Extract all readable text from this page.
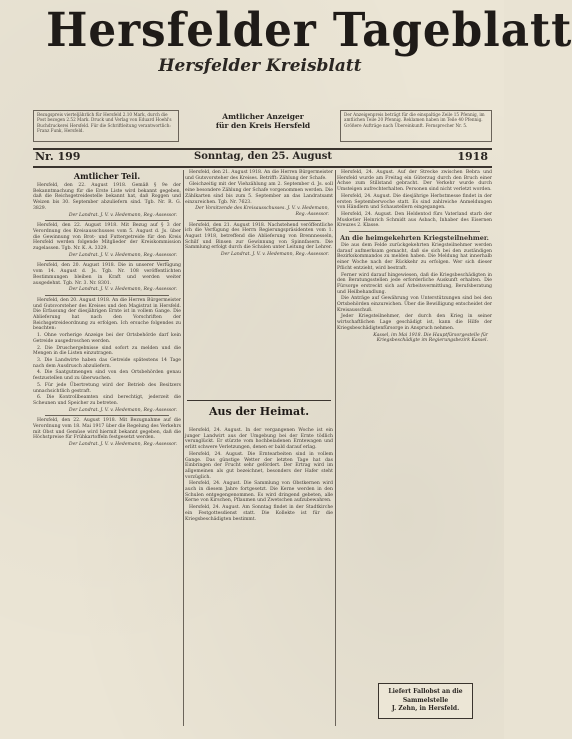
Hersfelder Tageblatt
Hersfelder Kreisblatt
Bezugspreis vierteljährlich für Hersfeld 2.10 Mark, durch die Post bezogen 2.52 Mark. Druck und Verlag von Eduard Hoehl's Buchdruckerei Hersfeld. Für die Schriftleitung verantwortlich: Franz Funk, Hersfeld.
Amtlicher Anzeiger
für den Kreis Hersfeld
Der Anzeigenpreis beträgt für die einspaltige Zeile 15 Pfennig, im amtlichen Teile 20 Pfennig. Reklamen haben im Teile 40 Pfennig. Größere Aufträge nach Übereinkunft. Fernsprecher Nr. 5.
Nr. 199	Sonntag, den 25. August	1918
Amtlicher Teil.

Hersfeld, den 22. August 1918. Gemäß § 9e der Bekanntmachung für die Erste Liste wird bekannt gegeben, daß die Reichsgetreidestelle bekannt hat, daß Roggen und Weizen bis 30. September abzuliefern sind. Tgb. Nr. R. G. 3829.

Der Landrat. J. V. v. Hedemann, Reg.-Assessor.

Hersfeld, den 22. August 1918. Mit Bezug auf § 3 der Verordnung des Kreisausschusses vom 5. August d. Js. über die Gewinnung von Brot- und Futtergetreide für den Kreis Hersfeld werden folgende Mitglieder der Kreiskommission zugelassen. Tgb. Nr. K. A. 3329.

Der Landrat. J. V. v. Hedemann, Reg.-Assessor.

Hersfeld, den 20. August 1918. Die in unserer Verfügung vom 14. August d. Js. Tgb. Nr. 108 veröffentlichten Bestimmungen bleiben in Kraft und werden weiter ausgedehnt. Tgb. Nr. 3. Nr. 8301.

Der Landrat. J. V. v. Hedemann, Reg.-Assessor.

Hersfeld, den 20. August 1918. An die Herren Bürgermeister und Gutsvorsteher des Kreises und den Magistrat in Hersfeld. Die Erfassung der diesjährigen Ernte ist in vollem Gange. Die Ablieferung hat nach den Vorschriften der Reichsgetreideordnung zu erfolgen. Ich ersuche folgendes zu beachten:

1. Ohne vorherige Anzeige bei der Ortsbehörde darf kein Getreide ausgedroschen werden.

2. Die Druschergebnisse sind sofort zu melden und die Mengen in die Listen einzutragen.

3. Die Landwirte haben das Getreide spätestens 14 Tage nach dem Ausdrusch abzuliefern.

4. Die Saatgutmengen sind von den Ortsbehörden genau festzustellen und zu überwachen.

5. Für jede Übertretung wird der Betrieb des Besitzers unnachsichtlich gestraft.

6. Die Kontrollbeamten sind berechtigt, jederzeit die Scheunen und Speicher zu betreten.

Der Landrat. J. V. v. Hedemann, Reg.-Assessor.

Hersfeld, den 22. August 1918. Mit Bezugnahme auf die Verordnung vom 18. Mai 1917 über die Regelung des Verkehrs mit Obst und Gemüse wird hiermit bekannt gegeben, daß die Höchstpreise für Frühkartoffeln festgesetzt werden.

Der Landrat. J. V. v. Hedemann, Reg.-Assessor.

Hersfeld, den 21. August 1918. An die Herren Bürgermeister und Gutsvorsteher des Kreises. Betrifft: Zählung der Schafe.

Gleichzeitig mit der Viehzählung am 2. September d. Js. soll eine besondere Zählung der Schafe vorgenommen werden. Die Zählkarten sind bis zum 5. September an das Landratsamt einzureichen. Tgb. Nr. 7623.

Der Vorsitzende des Kreisausschusses. J. V. v. Hedemann, Reg.-Assessor.

Hersfeld, den 21. August 1918. Nachstehend veröffentliche ich die Verfügung des Herrn Regierungspräsidenten vom 1. August 1918, betreffend die Ablieferung von Brennnesseln, Schilf und Binsen zur Gewinnung von Spinnfasern. Die Sammlung erfolgt durch die Schulen unter Leitung der Lehrer.

Der Landrat. J. V. v. Hedemann, Reg.-Assessor.
Aus der Heimat.

Hersfeld, 24. August. In der vergangenen Woche ist ein junger Landwirt aus der Umgebung bei der Ernte tödlich verunglückt. Er stürzte vom hochbeladenen Erntewagen und erlitt schwere Verletzungen, denen er bald darauf erlag.

Hersfeld, 24. August. Die Erntearbeiten sind in vollem Gange. Das günstige Wetter der letzten Tage hat das Einbringen der Frucht sehr gefördert. Der Ertrag wird im allgemeinen als gut bezeichnet, besonders der Hafer steht vorzüglich.

Hersfeld, 24. August. Die Sammlung von Obstkernen wird auch in diesem Jahre fortgesetzt. Die Kerne werden in den Schulen entgegengenommen. Es wird dringend gebeten, alle Kerne von Kirschen, Pflaumen und Zwetschen aufzubewahren.

Hersfeld, 24. August. Am Sonntag findet in der Stadtkirche ein Festgottesdienst statt. Die Kollekte ist für die Kriegsbeschädigten bestimmt.

Hersfeld, 24. August. Auf der Strecke zwischen Bebra und Hersfeld wurde am Freitag ein Güterzug durch den Bruch einer Achse zum Stillstand gebracht. Der Verkehr wurde durch Umsteigen aufrechterhalten. Personen sind nicht verletzt worden.

Hersfeld, 24. August. Die diesjährige Herbstmesse findet in der ersten Septemberwoche statt. Es sind zahlreiche Anmeldungen von Händlern und Schaustellern eingegangen.

Hersfeld, 24. August. Den Heldentod fürs Vaterland starb der Musketier Heinrich Schmidt aus Asbach, Inhaber des Eisernen Kreuzes 2. Klasse.

An die heimgekehrten Kriegsteilnehmer.

Die aus dem Felde zurückgekehrten Kriegsteilnehmer werden darauf aufmerksam gemacht, daß sie sich bei den zuständigen Bezirkskommandos zu melden haben. Die Meldung hat innerhalb einer Woche nach der Rückkehr zu erfolgen. Wer sich dieser Pflicht entzieht, wird bestraft.

Ferner wird darauf hingewiesen, daß die Kriegsbeschädigten in den Beratungsstellen jede erforderliche Auskunft erhalten. Die Fürsorge erstreckt sich auf Arbeitsvermittlung, Berufsberatung und Heilbehandlung.

Die Anträge auf Gewährung von Unterstützungen sind bei den Ortsbehörden einzureichen. Über die Bewilligung entscheidet der Kreisausschuß.

Jeder Kriegsteilnehmer, der durch den Krieg in seiner wirtschaftlichen Lage geschädigt ist, kann die Hilfe der Kriegsbeschädigtenfürsorge in Anspruch nehmen.

Kassel, im Mai 1918. Die Hauptfürsorgestelle für Kriegsbeschädigte im Regierungsbezirk Kassel.
Liefert Fallobst an die
Sammelstelle
J. Zehn, in Hersfeld.
